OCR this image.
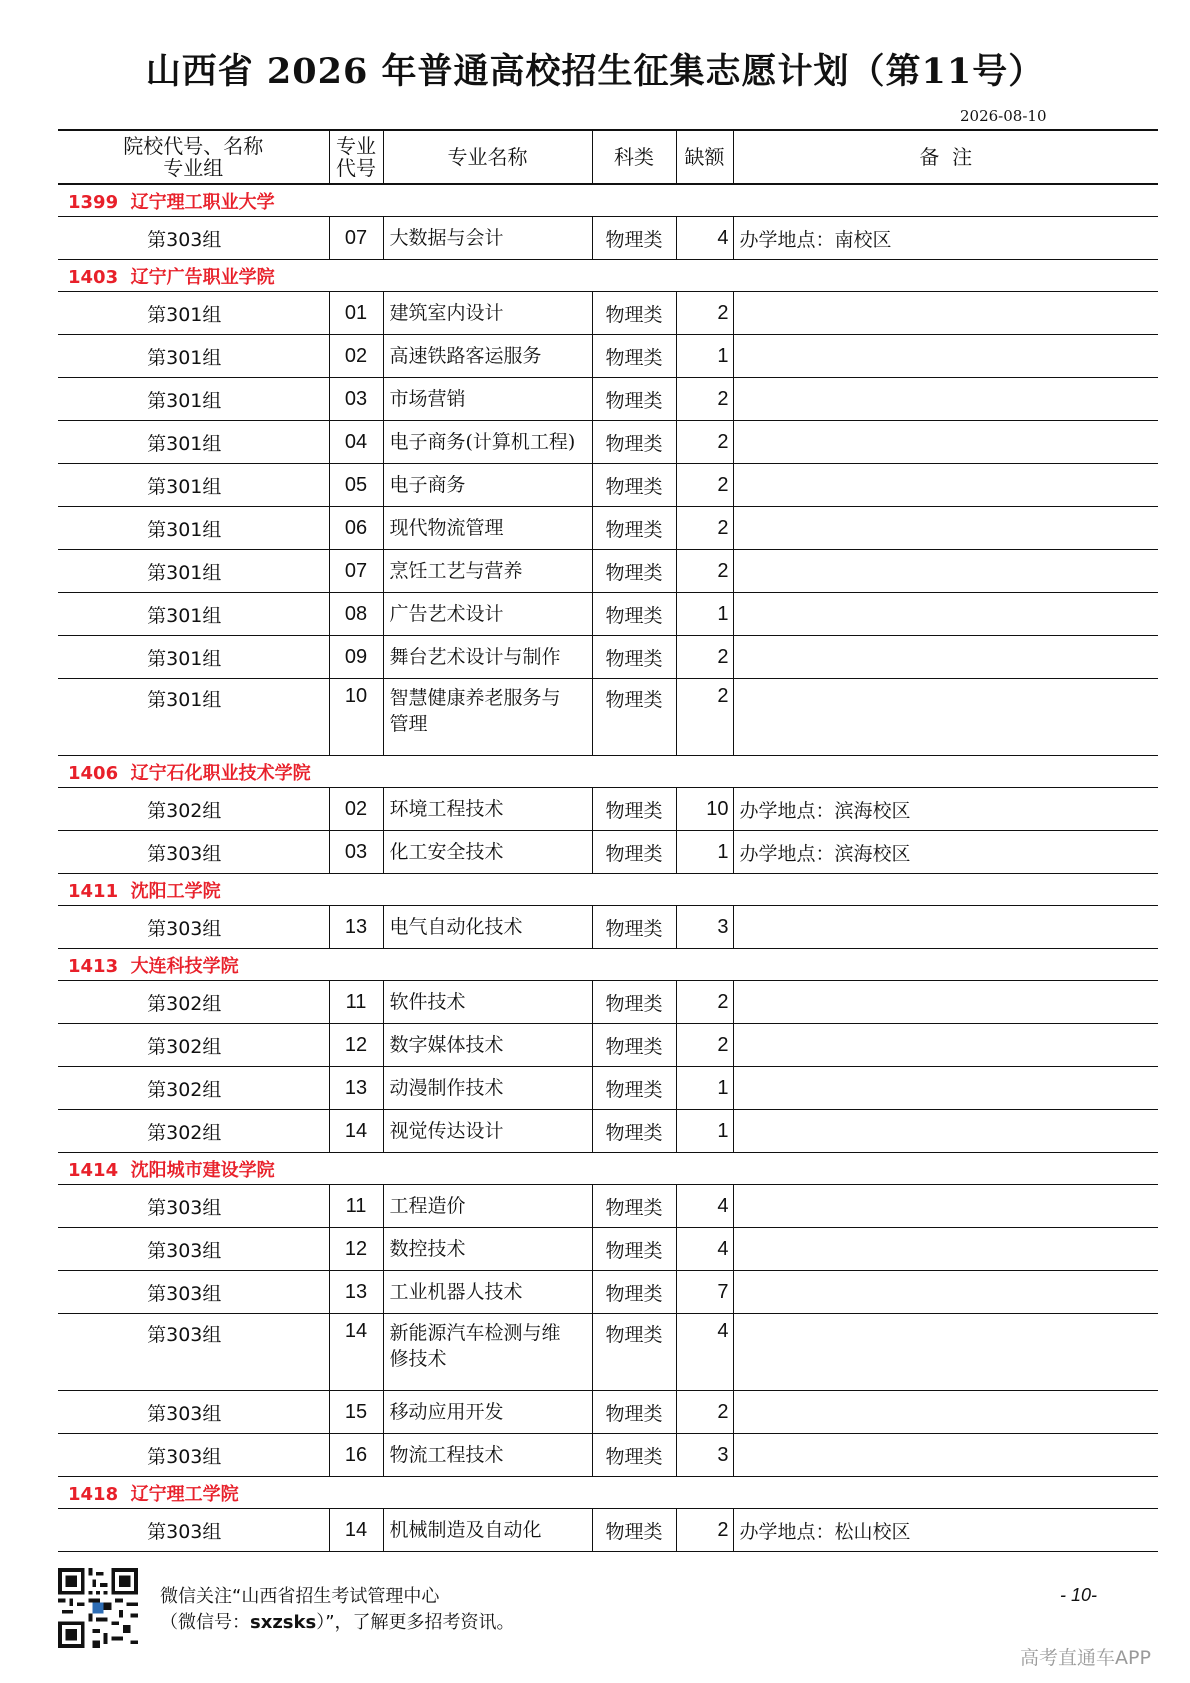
山西省 2026 年普通高校招生征集志愿计划（第11号）
2026-08-10
院校代号、名称
专业组	专业
代号	专业名称	科类	缺额	备  注
1399  辽宁理工职业大学					
第303组	07	大数据与会计	物理类	4	办学地点：南校区
1403  辽宁广告职业学院					
第301组	01	建筑室内设计	物理类	2	
第301组	02	高速铁路客运服务	物理类	1	
第301组	03	市场营销	物理类	2	
第301组	04	电子商务(计算机工程)	物理类	2	
第301组	05	电子商务	物理类	2	
第301组	06	现代物流管理	物理类	2	
第301组	07	烹饪工艺与营养	物理类	2	
第301组	08	广告艺术设计	物理类	1	
第301组	09	舞台艺术设计与制作	物理类	2	
第301组	10	智慧健康养老服务与
管理	物理类	2	
1406  辽宁石化职业技术学院					
第302组	02	环境工程技术	物理类	10	办学地点：滨海校区
第303组	03	化工安全技术	物理类	1	办学地点：滨海校区
1411  沈阳工学院					
第303组	13	电气自动化技术	物理类	3	
1413  大连科技学院					
第302组	11	软件技术	物理类	2	
第302组	12	数字媒体技术	物理类	2	
第302组	13	动漫制作技术	物理类	1	
第302组	14	视觉传达设计	物理类	1	
1414  沈阳城市建设学院					
第303组	11	工程造价	物理类	4	
第303组	12	数控技术	物理类	4	
第303组	13	工业机器人技术	物理类	7	
第303组	14	新能源汽车检测与维
修技术	物理类	4	
第303组	15	移动应用开发	物理类	2	
第303组	16	物流工程技术	物理类	3	
1418  辽宁理工学院					
第303组	14	机械制造及自动化	物理类	2	办学地点：松山校区
微信关注“山西省招生考试管理中心
（微信号：sxzsks）”，了解更多招考资讯。
- 10-
高考直通车APP
